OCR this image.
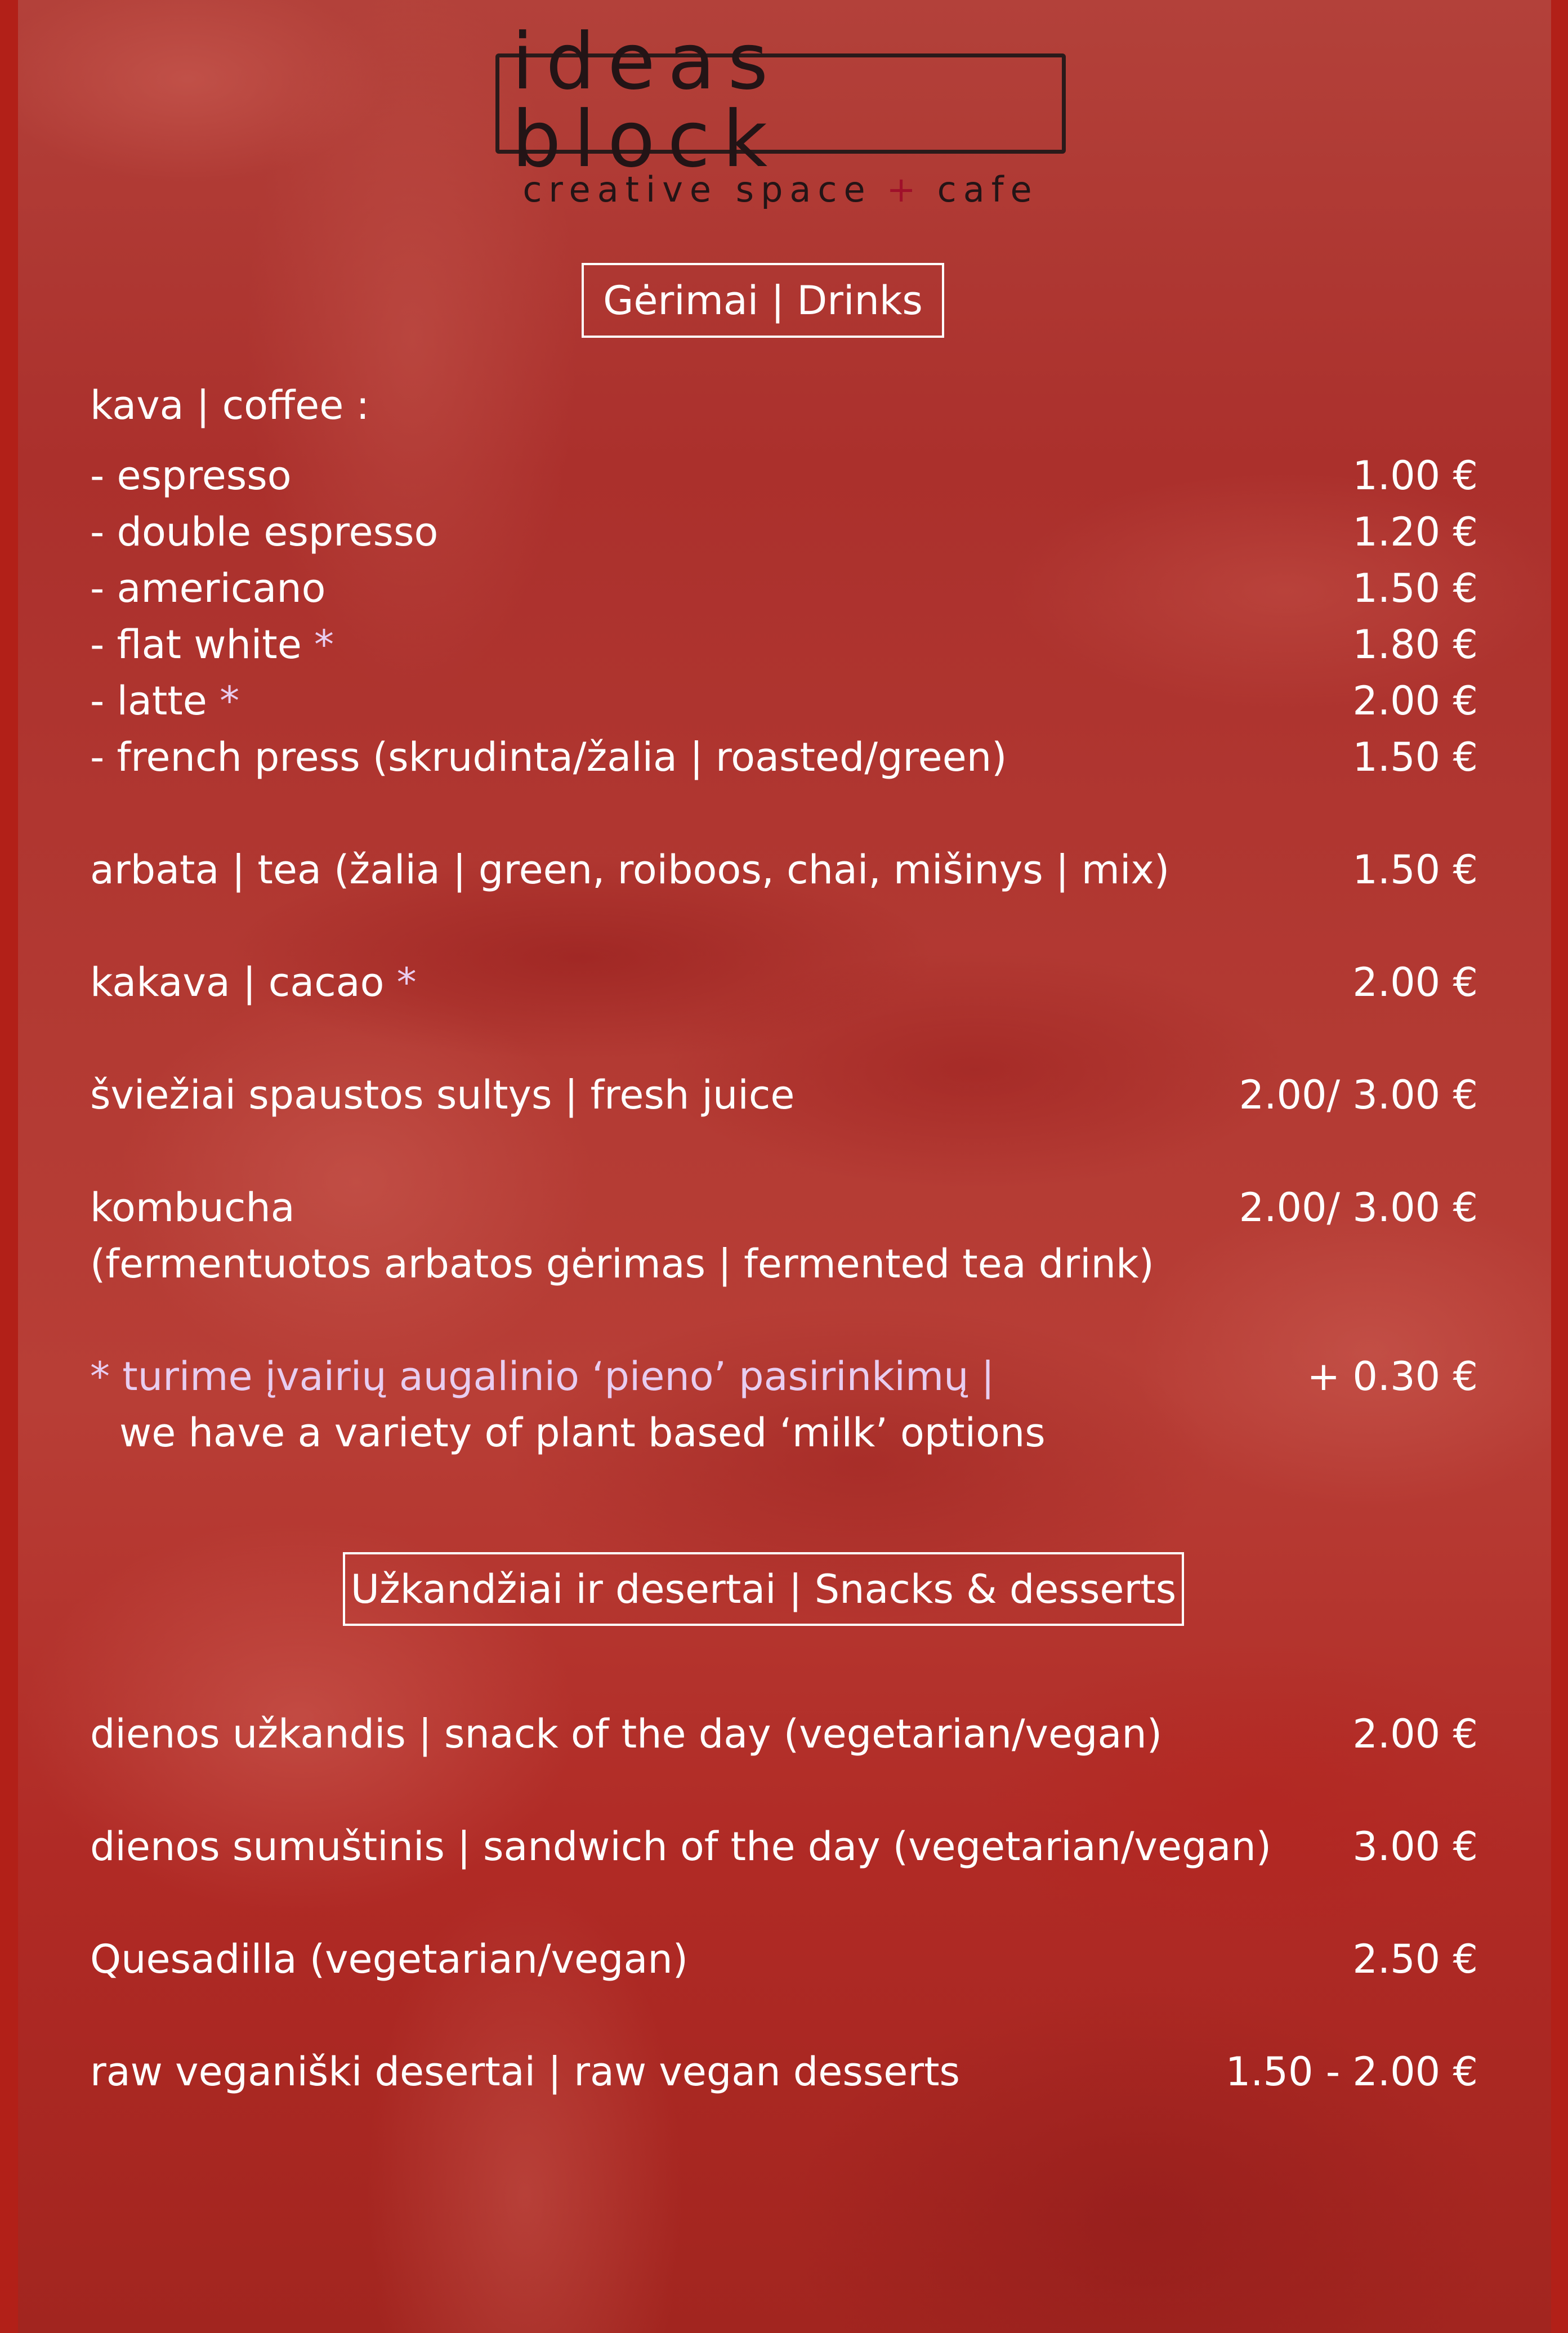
ideas block
creative space + cafe
Gėrimai | Drinks
kava | coffee :
- espresso	1.00 €
- double espresso	1.20 €
- americano	1.50 €
- flat white *	1.80 €
- latte *	2.00 €
- french press (skrudinta/žalia | roasted/green)	1.50 €
arbata | tea (žalia | green, roiboos, chai, mišinys | mix)	1.50 €
kakava | cacao *	2.00 €
šviežiai spaustos sultys | fresh juice	2.00/ 3.00 €
kombucha	2.00/ 3.00 €
(fermentuotos arbatos gėrimas | fermented tea drink)
* turime įvairių augalinio ‘pieno’ pasirinkimų |	+ 0.30 €
we have a variety of plant based ‘milk’ options
Užkandžiai ir desertai | Snacks & desserts
dienos užkandis | snack of the day (vegetarian/vegan)	2.00 €
dienos sumuštinis | sandwich of the day (vegetarian/vegan) 3.00 €
Quesadilla (vegetarian/vegan)	2.50 €
raw veganiški desertai | raw vegan desserts	1.50 - 2.00 €
